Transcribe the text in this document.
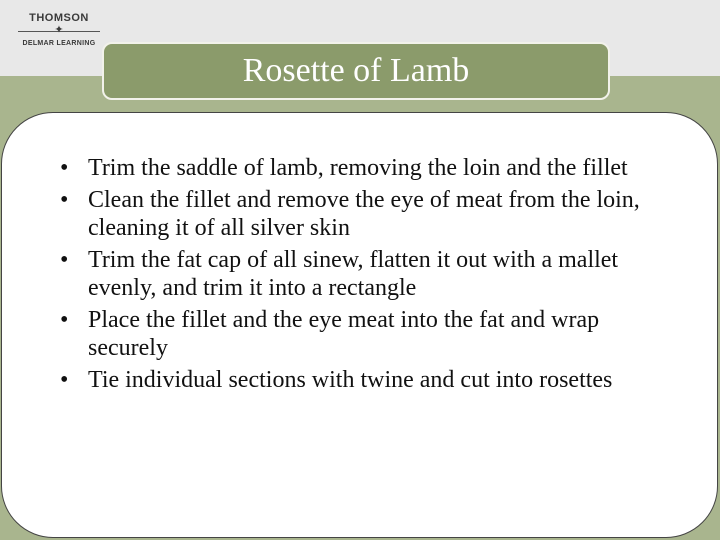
THOMSON
✦
DELMAR LEARNING
Rosette of Lamb
• Trim the saddle of lamb, removing the loin and the fillet
• Clean the fillet and remove the eye of meat from the loin, cleaning it of all silver skin
• Trim the fat cap of all sinew, flatten it out with a mallet evenly, and trim it into a rectangle
• Place the fillet and the eye meat into the fat and wrap securely
• Tie individual sections with twine and cut into rosettes
